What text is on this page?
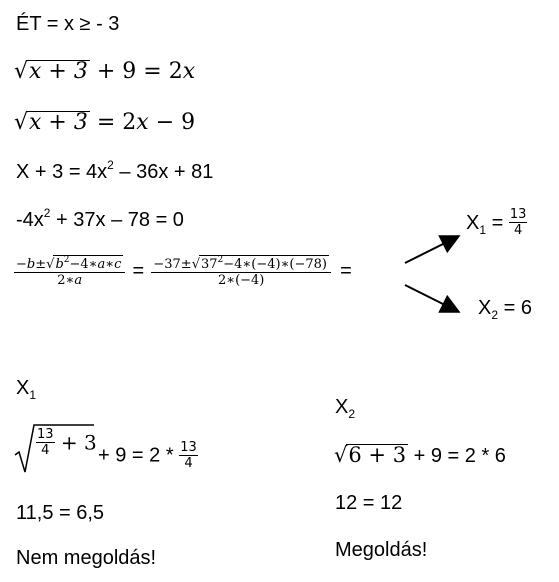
ÉT = x ≥ - 3
√x + 3 + 9 = 2x
√x + 3 = 2x − 9
$X + 3 = 4x^2 - 36x + 81$
$-4x^2 + 37x - 78 = 0$
$\frac{-b\pm√b^2-4∗a∗c}{2∗a} = \frac{-37\pm√37^2-4∗(-4)∗(-78)}{2∗(-4)}$ =
$X_1 = \frac{13}{4}$
$X_2 = 6$
$X_1$
$\frac{13}{4} + 3$
+ $9 = 2 * \frac{13}{4}$
11,5 = 6,5
Nem megoldás!
$X_2$
√6 + 3 + 9 = 2 * 6
12 = 12
Megoldás!
